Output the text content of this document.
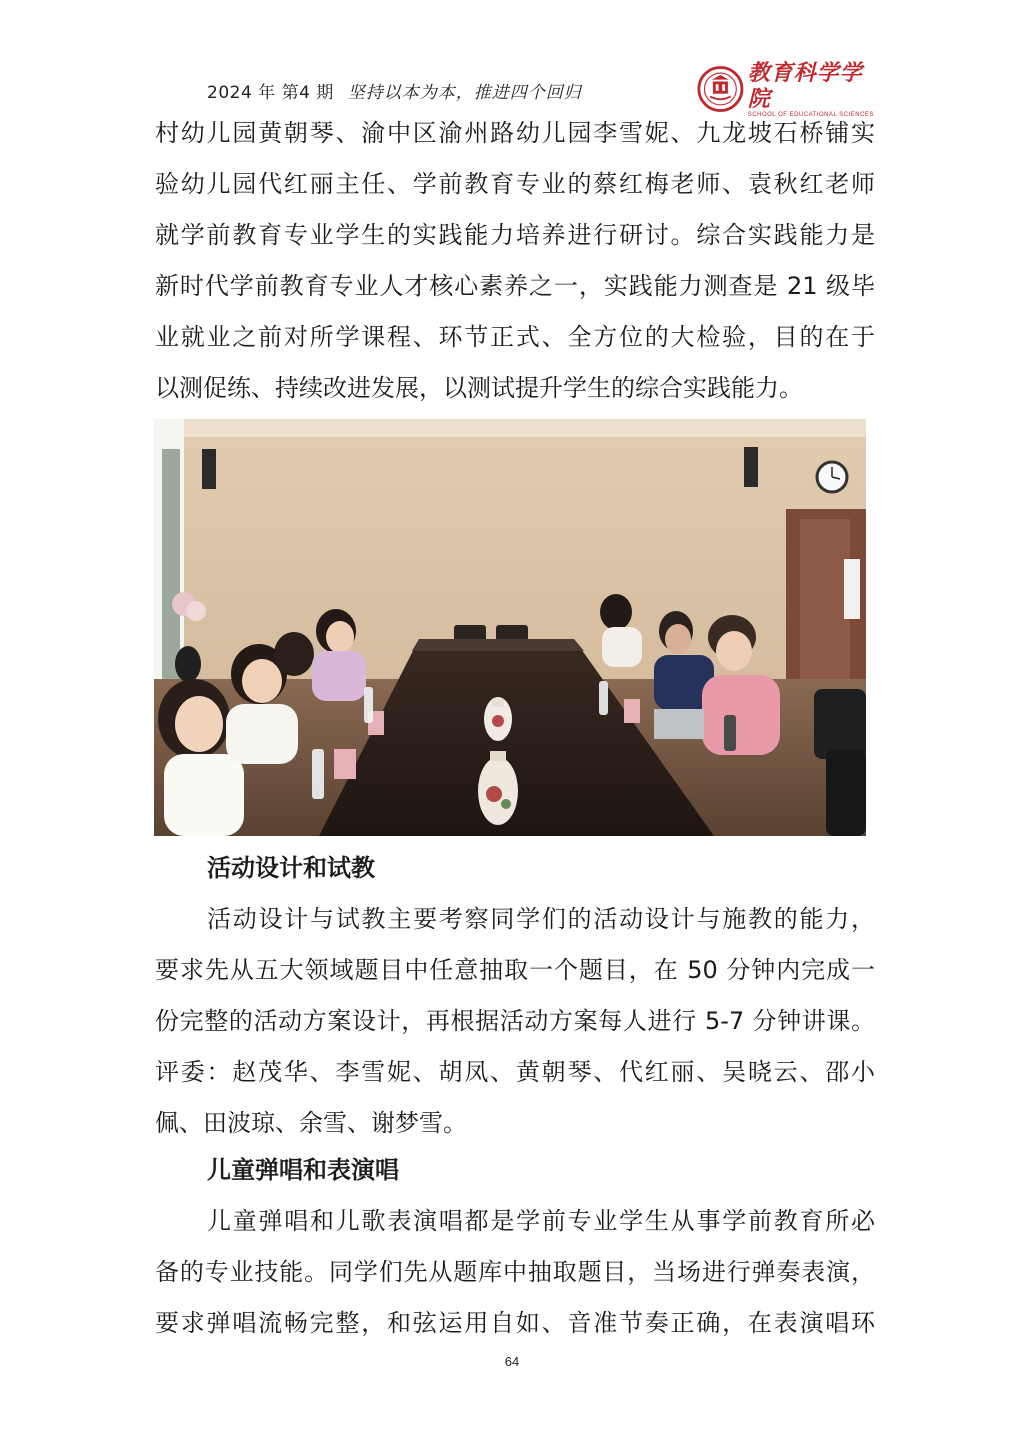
2024 年 第4 期 坚持以本为本，推进四个回归
教育科学学院
SCHOOL OF EDUCATIONAL SCIENCES
村幼儿园黄朝琴、渝中区渝州路幼儿园李雪妮、九龙坡石桥铺实
验幼儿园代红丽主任、学前教育专业的蔡红梅老师、袁秋红老师
就学前教育专业学生的实践能力培养进行研讨。综合实践能力是
新时代学前教育专业人才核心素养之一，实践能力测查是 21 级毕
业就业之前对所学课程、环节正式、全方位的大检验，目的在于
以测促练、持续改进发展，以测试提升学生的综合实践能力。
活动设计和试教
活动设计与试教主要考察同学们的活动设计与施教的能力，
要求先从五大领域题目中任意抽取一个题目，在 50 分钟内完成一
份完整的活动方案设计，再根据活动方案每人进行 5-7 分钟讲课。
评委：赵茂华、李雪妮、胡凤、黄朝琴、代红丽、吴晓云、邵小
佩、田波琼、余雪、谢梦雪。
儿童弹唱和表演唱
儿童弹唱和儿歌表演唱都是学前专业学生从事学前教育所必
备的专业技能。同学们先从题库中抽取题目，当场进行弹奏表演，
要求弹唱流畅完整，和弦运用自如、音准节奏正确，在表演唱环
64
